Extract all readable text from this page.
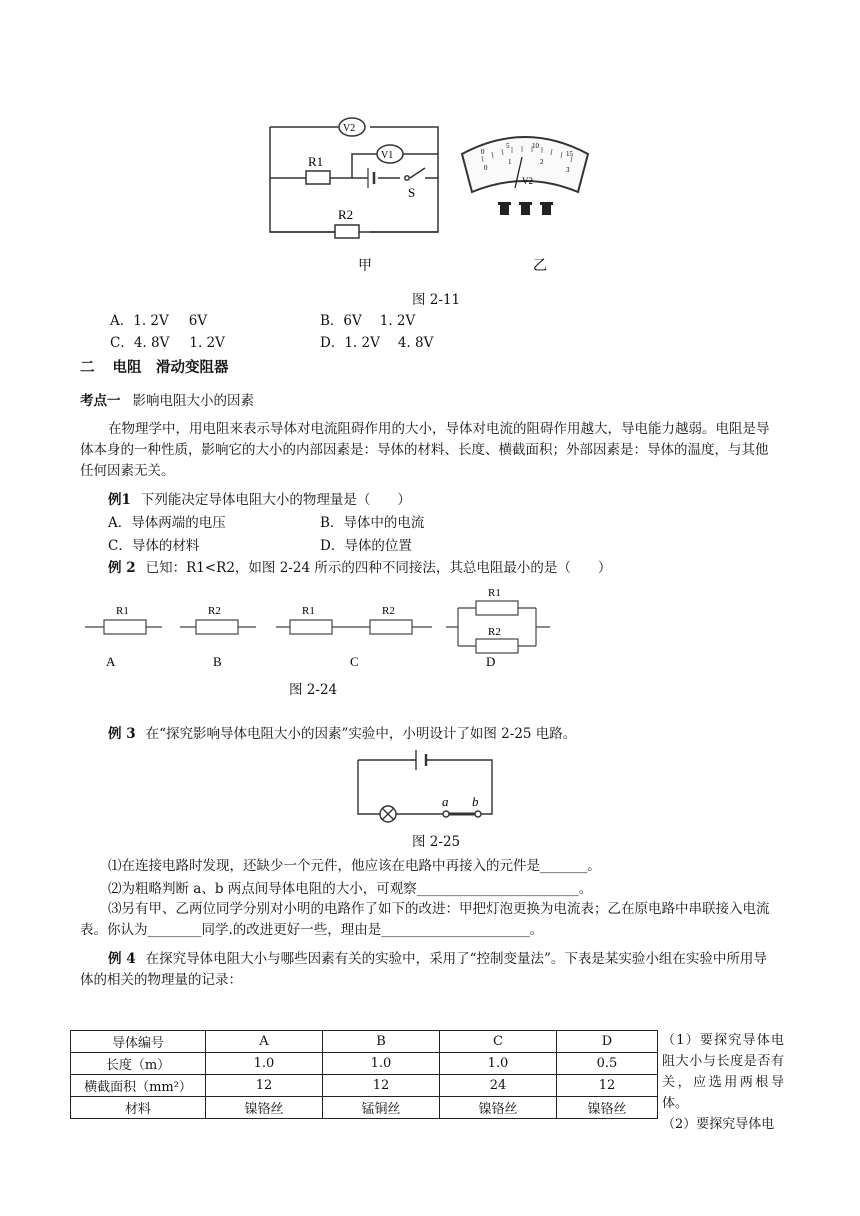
V2
V1
R1
R2
S
甲
0
5	10
15
0
1	2
3
V2
乙
图 2-11
A．1. 2V 6V	B．6V 1. 2V
C．4. 8V 1. 2V	D．1. 2V 4. 8V
二 电阻　滑动变阻器
考点一 影响电阻大小的因素
在物理学中，用电阻来表示导体对电流阻碍作用的大小，导体对电流的阻碍作用越大，导电能力越弱。电阻是导体本身的一种性质，影响它的大小的内部因素是：导体的材料、长度、横截面积；外部因素是：导体的温度，与其他任何因素无关。
例1 下列能决定导体电阻大小的物理量是（　　）
A．导体两端的电压	B．导体中的电流
C．导体的材料	D．导体的位置
例 2 已知：R1<R2，如图 2-24 所示的四种不同接法，其总电阻最小的是（　　）
R1	R2	R1	R2
R1
R2
A	B	C	D
图 2-24
例 3 在“探究影响导体电阻大小的因素”实验中，小明设计了如图 2-25 电路。
a b
图 2-25
⑴在连接电路时发现，还缺少一个元件，他应该在电路中再接入的元件是_______。
⑵为粗略判断 a、b 两点间导体电阻的大小，可观察________________________。
⑶另有甲、乙两位同学分别对小明的电路作了如下的改进：甲把灯泡更换为电流表；乙在原电路中串联接入电流表。你认为________同学.的改进更好一些，理由是______________________。
例 4 在探究导体电阻大小与哪些因素有关的实验中，采用了“控制变量法”。下表是某实验小组在实验中所用导体的相关的物理量的记录：
导体编号	A	B	C	D
长度（m）	1.0	1.0	1.0	0.5
横截面积（mm²）	12	12	24	12
材料	镍铬丝	锰铜丝	镍铬丝	镍铬丝
（1）要探究导体电阻大小与长度是否有关，应选用两根导体。
（2）要探究导体电
